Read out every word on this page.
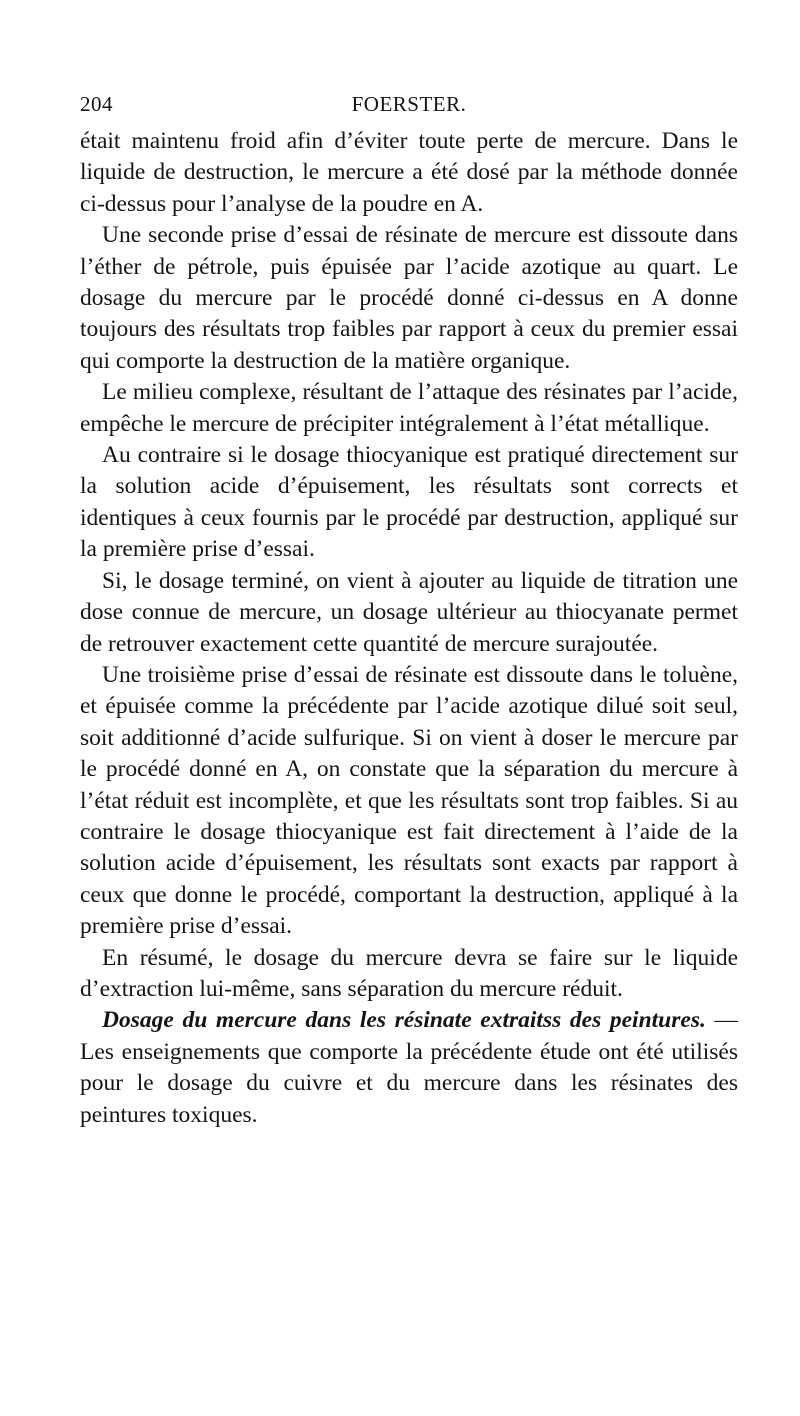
204	FOERSTER.

était maintenu froid afin d’éviter toute perte de mercure. Dans le liquide de destruction, le mercure a été dosé par la méthode donnée ci-dessus pour l’analyse de la poudre en A.

Une seconde prise d’essai de résinate de mercure est dissoute dans l’éther de pétrole, puis épuisée par l’acide azotique au quart. Le dosage du mercure par le procédé donné ci-dessus en A donne toujours des résultats trop faibles par rapport à ceux du premier essai qui comporte la destruction de la matière organique.

Le milieu complexe, résultant de l’attaque des résinates par l’acide, empêche le mercure de précipiter intégralement à l’état métallique.

Au contraire si le dosage thiocyanique est pratiqué directement sur la solution acide d’épuisement, les résultats sont corrects et identiques à ceux fournis par le procédé par destruction, appliqué sur la première prise d’essai.

Si, le dosage terminé, on vient à ajouter au liquide de titration une dose connue de mercure, un dosage ultérieur au thiocyanate permet de retrouver exactement cette quantité de mercure surajoutée.

Une troisième prise d’essai de résinate est dissoute dans le toluène, et épuisée comme la précédente par l’acide azotique dilué soit seul, soit additionné d’acide sulfurique. Si on vient à doser le mercure par le procédé donné en A, on constate que la séparation du mercure à l’état réduit est incomplète, et que les résultats sont trop faibles. Si au contraire le dosage thiocyanique est fait directement à l’aide de la solution acide d’épuisement, les résultats sont exacts par rapport à ceux que donne le procédé, comportant la destruction, appliqué à la première prise d’essai.

En résumé, le dosage du mercure devra se faire sur le liquide d’extraction lui-même, sans séparation du mercure réduit.

Dosage du mercure dans les résinate extraitss des peintures. — Les enseignements que comporte la précédente étude ont été utilisés pour le dosage du cuivre et du mercure dans les résinates des peintures toxiques.
